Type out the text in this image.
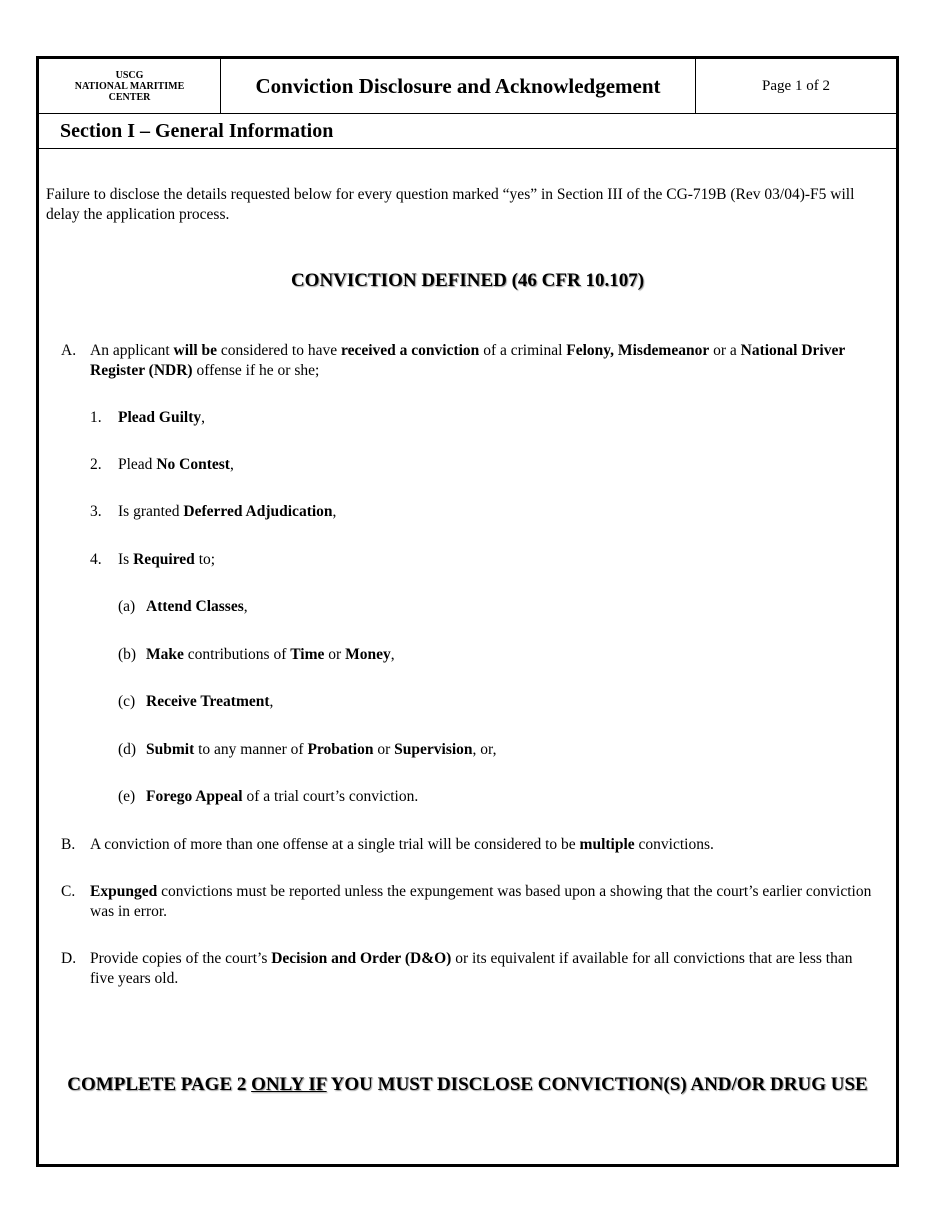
USCG
NATIONAL MARITIME
CENTER	Conviction Disclosure and Acknowledgement	Page 1 of 2
Section I – General Information
Failure to disclose the details requested below for every question marked “yes” in Section III of the CG-719B (Rev 03/04)-F5 will delay the application process.
CONVICTION DEFINED (46 CFR 10.107)
A. An applicant will be considered to have received a conviction of a criminal Felony, Misdemeanor or a National Driver Register (NDR) offense if he or she;
1. Plead Guilty,
2. Plead No Contest,
3. Is granted Deferred Adjudication,
4. Is Required to;
(a) Attend Classes,
(b) Make contributions of Time or Money,
(c) Receive Treatment,
(d) Submit to any manner of Probation or Supervision, or,
(e) Forego Appeal of a trial court’s conviction.
B. A conviction of more than one offense at a single trial will be considered to be multiple convictions.
C. Expunged convictions must be reported unless the expungement was based upon a showing that the court’s earlier conviction was in error.
D. Provide copies of the court’s Decision and Order (D&O) or its equivalent if available for all convictions that are less than five years old.
COMPLETE PAGE 2 ONLY IF YOU MUST DISCLOSE CONVICTION(S) AND/OR DRUG USE
